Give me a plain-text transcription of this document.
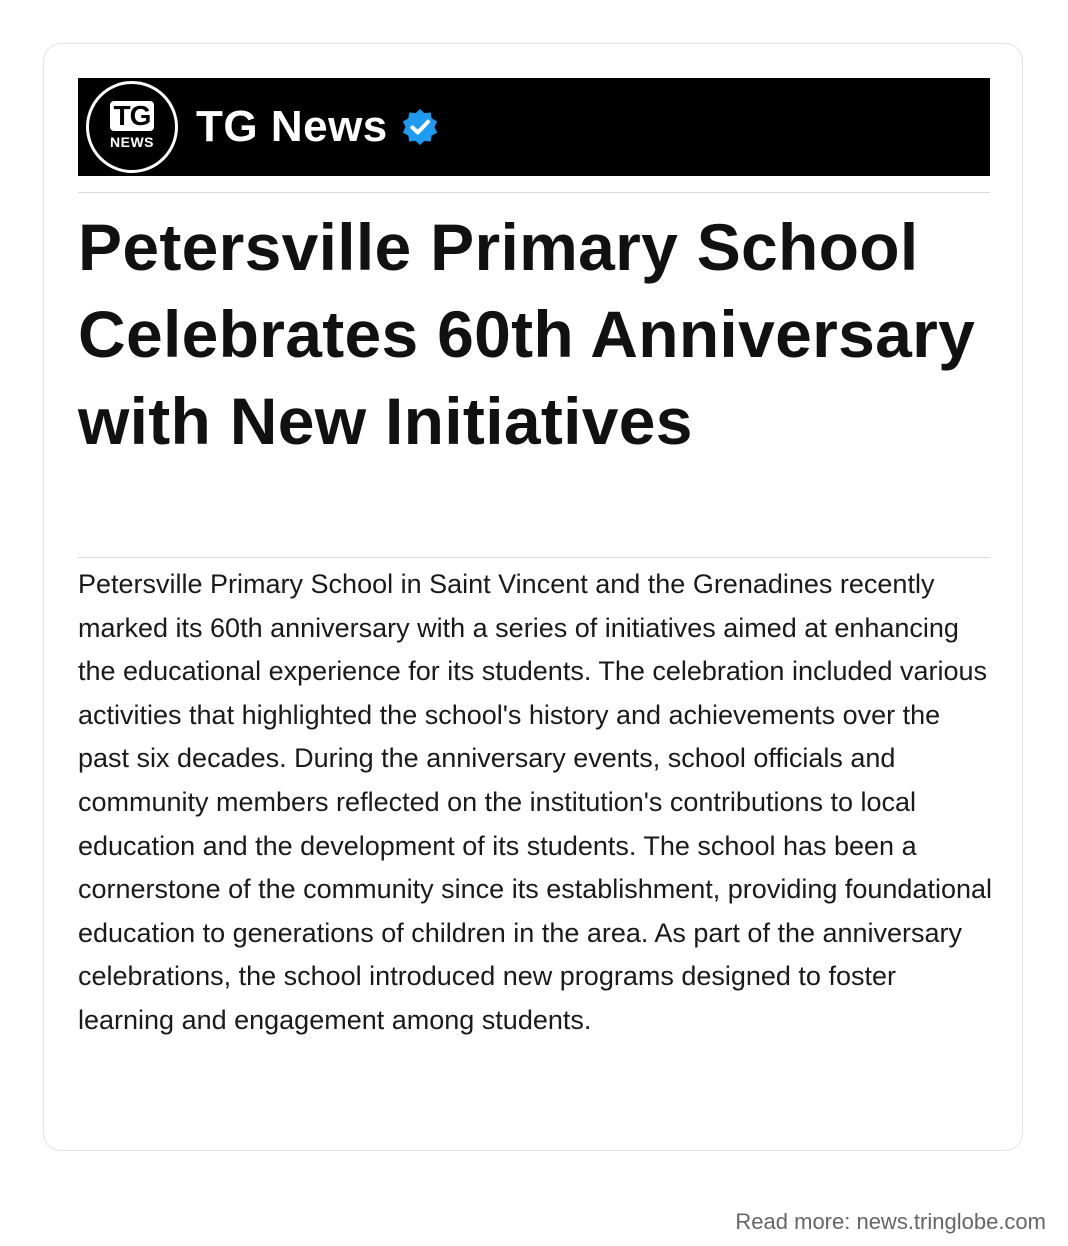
TG
NEWS TG News
Petersville Primary School Celebrates 60th Anniversary with New Initiatives

Petersville Primary School in Saint Vincent and the Grenadines recently marked its 60th anniversary with a series of initiatives aimed at enhancing the educational experience for its students. The celebration included various activities that highlighted the school's history and achievements over the past six decades. During the anniversary events, school officials and community members reflected on the institution's contributions to local education and the development of its students. The school has been a cornerstone of the community since its establishment, providing foundational education to generations of children in the area. As part of the anniversary celebrations, the school introduced new programs designed to foster learning and engagement among students.

Read more: news.tringlobe.com
